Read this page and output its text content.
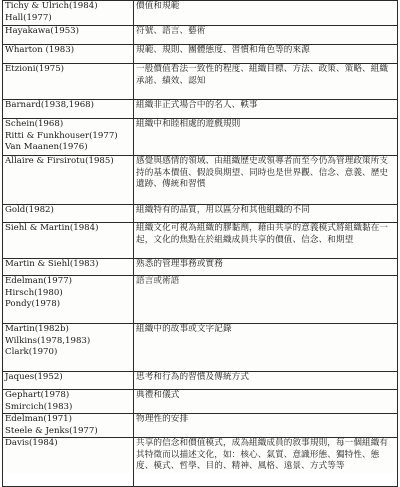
Tichy & Ulrich(1984)
Hall(1977)	價值和規範

Hayakawa(1953)	符號、語言、藝術

Wharton (1983)	規範、規則、團體態度、習慣和角色等的來源

Etzioni(1975)	一般價值看法一致性的程度、組織目標、方法、政策、策略、組織承諾、績效、認知

Barnard(1938,1968)	組織非正式場合中的名人、軼事

Schein(1968)
Ritti & Funkhouser(1977)
Van Maanen(1976)	組織中和睦相處的遊戲規則

Allaire & Firsirotu(1985)	感覺與感情的領域、由組織歷史或領導者而至今仍為管理政策所支持的基本價值、假設與期望、同時也是世界觀、信念、意義、歷史遺跡、傳統和習慣

Gold(1982)	組織特有的品質，用以區分和其他組織的不同

Siehl & Martin(1984)	組織文化可視為組織的膠黏劑，藉由共享的意義模式將組織黏在一起，文化的焦點在於組織成員共享的價值、信念、和期望

Martin & Siehl(1983)	熟悉的管理事務或實務

Edelman(1977)
Hirsch(1980)
Pondy(1978)	語言或術語

Martin(1982b)
Wilkins(1978,1983)
Clark(1970)	組織中的故事或文字記錄

Jaques(1952)	思考和行為的習慣及傳統方式

Gephart(1978)
Smircich(1983)	典禮和儀式

Edelman(1971)
Steele & Jenks(1977)	物理性的安排

Davis(1984)	共享的信念和價值模式，成為組織成員的敘事規則，每一個組織有其特徵而以描述文化，如：核心、氣質、意識形態、獨特性、態度、模式、哲學、目的、精神、風格、遠景、方式等等
